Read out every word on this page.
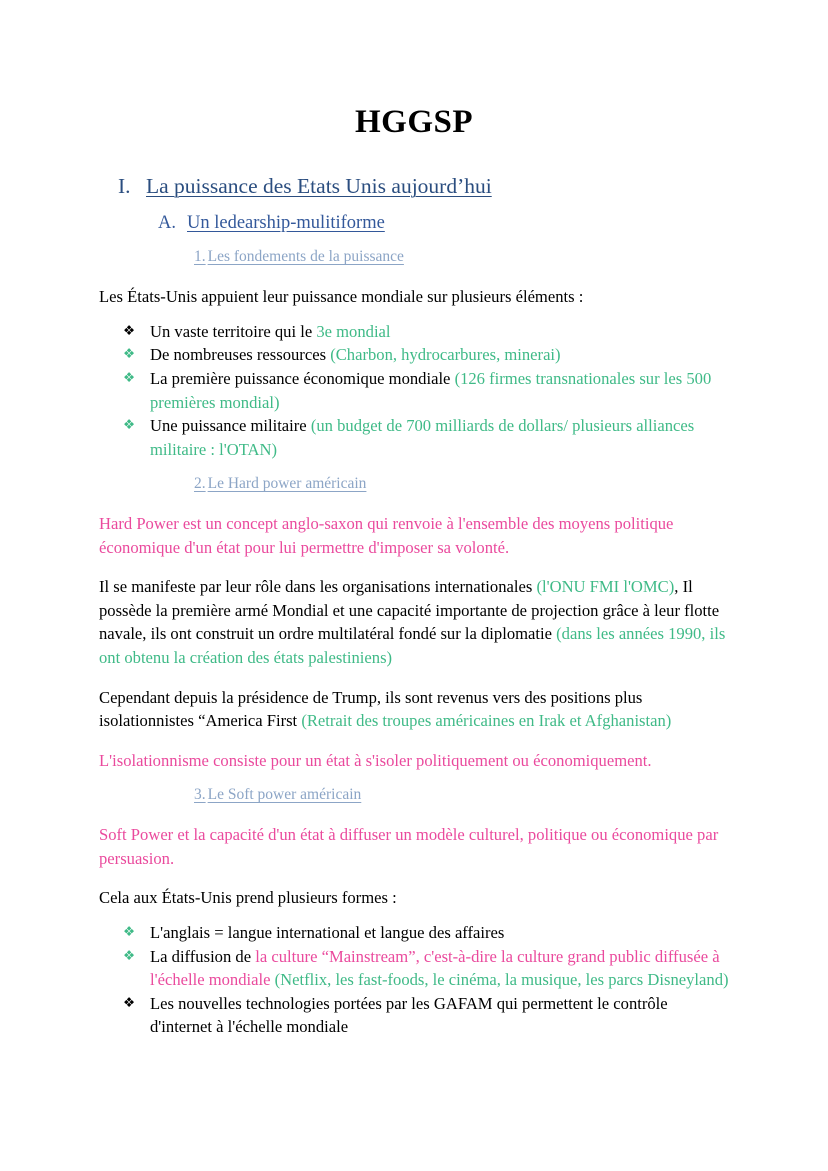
HGGSP
I. La puissance des Etats Unis aujourd’hui
A. Un ledearship-mulitiforme
1. Les fondements de la puissance

Les États-Unis appuient leur puissance mondiale sur plusieurs éléments :

❖ Un vaste territoire qui le 3e mondial
❖ De nombreuses ressources (Charbon, hydrocarbures, minerai)
❖ La première puissance économique mondiale (126 firmes transnationales sur les 500 premières mondial)
❖ Une puissance militaire (un budget de 700 milliards de dollars/ plusieurs alliances militaire : l'OTAN)
2. Le Hard power américain

Hard Power est un concept anglo-saxon qui renvoie à l'ensemble des moyens politique économique d'un état pour lui permettre d'imposer sa volonté.

Il se manifeste par leur rôle dans les organisations internationales (l'ONU FMI l'OMC), Il possède la première armé Mondial et une capacité importante de projection grâce à leur flotte navale, ils ont construit un ordre multilatéral fondé sur la diplomatie (dans les années 1990, ils ont obtenu la création des états palestiniens)

Cependant depuis la présidence de Trump, ils sont revenus vers des positions plus isolationnistes “America First (Retrait des troupes américaines en Irak et Afghanistan)

L'isolationnisme consiste pour un état à s'isoler politiquement ou économiquement.

3. Le Soft power américain

Soft Power et la capacité d'un état à diffuser un modèle culturel, politique ou économique par persuasion.

Cela aux États-Unis prend plusieurs formes :

❖ L'anglais = langue international et langue des affaires
❖ La diffusion de la culture “Mainstream”, c'est-à-dire la culture grand public diffusée à l'échelle mondiale (Netflix, les fast-foods, le cinéma, la musique, les parcs Disneyland)
❖ Les nouvelles technologies portées par les GAFAM qui permettent le contrôle d'internet à l'échelle mondiale
